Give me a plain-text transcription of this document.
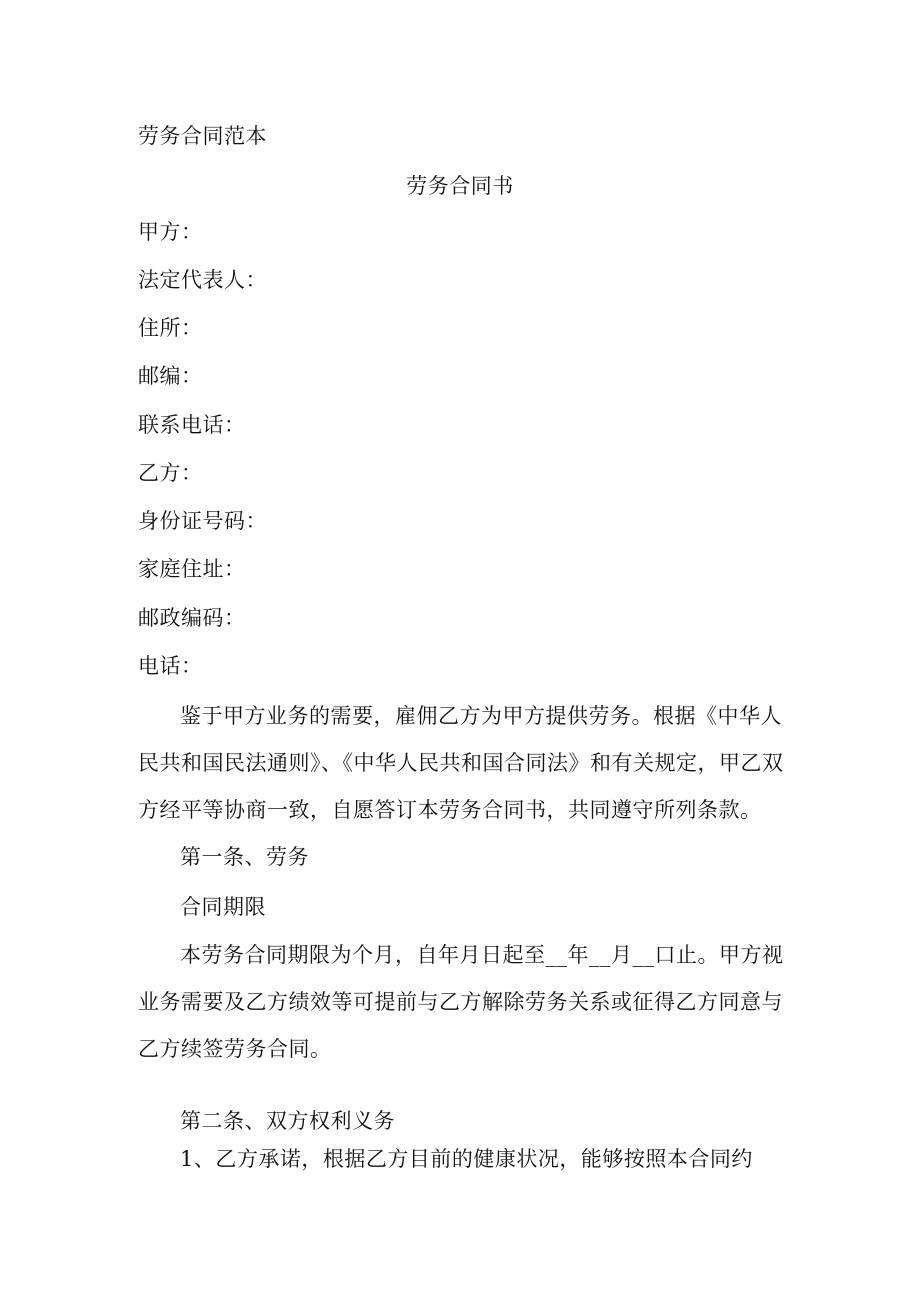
劳务合同范本
劳务合同书
甲方：
法定代表人：
住所：
邮编：
联系电话：
乙方：
身份证号码：
家庭住址：
邮政编码：
电话：
鉴于甲方业务的需要，雇佣乙方为甲方提供劳务。根据《中华人民共和国民法通则》、《中华人民共和国合同法》和有关规定，甲乙双方经平等协商一致，自愿答订本劳务合同书，共同遵守所列条款。
第一条、劳务
合同期限
本劳务合同期限为个月，自年月日起至__年__月__口止。甲方视业务需要及乙方绩效等可提前与乙方解除劳务关系或征得乙方同意与乙方续签劳务合同。
第二条、双方权利义务
1、乙方承诺，根据乙方目前的健康状况，能够按照本合同约
